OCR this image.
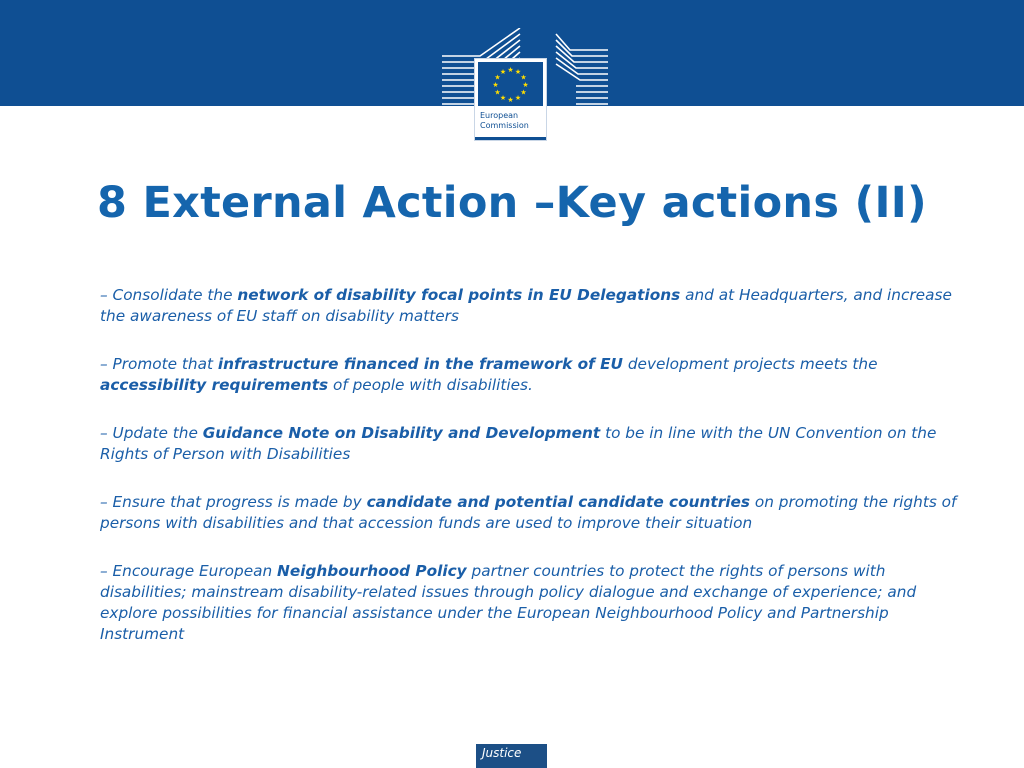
★ ★
★
★
★
★
★
★
★
★
★
★
European
Commission
8 External Action –Key actions (II)

– Consolidate the network of disability focal points in EU Delegations and at Headquarters, and increase the awareness of EU staff on disability matters

– Promote that infrastructure financed in the framework of EU development projects meets the accessibility requirements of people with disabilities.

– Update the Guidance Note on Disability and Development to be in line with the UN Convention on the Rights of Person with Disabilities

– Ensure that progress is made by candidate and potential candidate countries on promoting the rights of persons with disabilities and that accession funds are used to improve their situation

– Encourage European Neighbourhood Policy partner countries to protect the rights of persons with disabilities; mainstream disability-related issues through policy dialogue and exchange of experience; and explore possibilities for financial assistance under the European Neighbourhood Policy and Partnership Instrument

Justice
